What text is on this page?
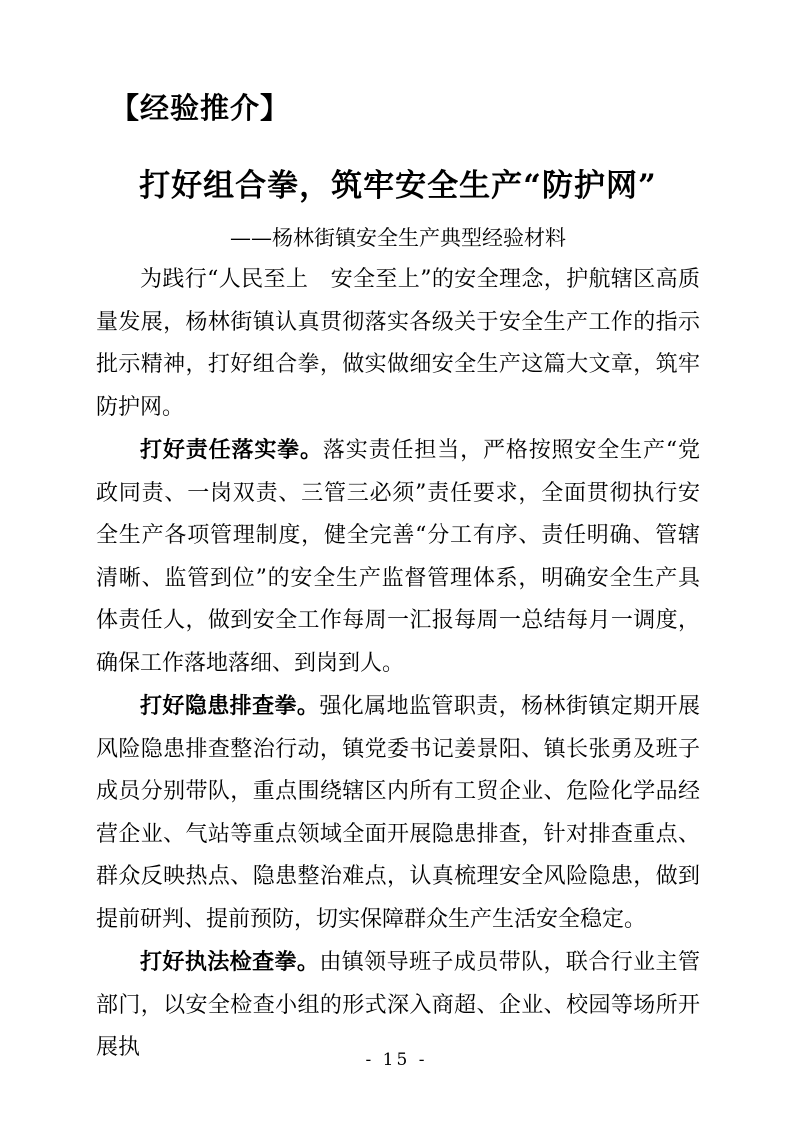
【经验推介】
打好组合拳，筑牢安全生产“防护网”
——杨林街镇安全生产典型经验材料

为践行“人民至上　安全至上”的安全理念，护航辖区高质量发展，杨林街镇认真贯彻落实各级关于安全生产工作的指示批示精神，打好组合拳，做实做细安全生产这篇大文章，筑牢防护网。

打好责任落实拳。落实责任担当，严格按照安全生产“党政同责、一岗双责、三管三必须”责任要求，全面贯彻执行安全生产各项管理制度，健全完善“分工有序、责任明确、管辖清晰、监管到位”的安全生产监督管理体系，明确安全生产具体责任人，做到安全工作每周一汇报每周一总结每月一调度，确保工作落地落细、到岗到人。

打好隐患排查拳。强化属地监管职责，杨林街镇定期开展风险隐患排查整治行动，镇党委书记姜景阳、镇长张勇及班子成员分别带队，重点围绕辖区内所有工贸企业、危险化学品经营企业、气站等重点领域全面开展隐患排查，针对排查重点、群众反映热点、隐患整治难点，认真梳理安全风险隐患，做到提前研判、提前预防，切实保障群众生产生活安全稳定。

打好执法检查拳。由镇领导班子成员带队，联合行业主管部门，以安全检查小组的形式深入商超、企业、校园等场所开展执	- 15 -
